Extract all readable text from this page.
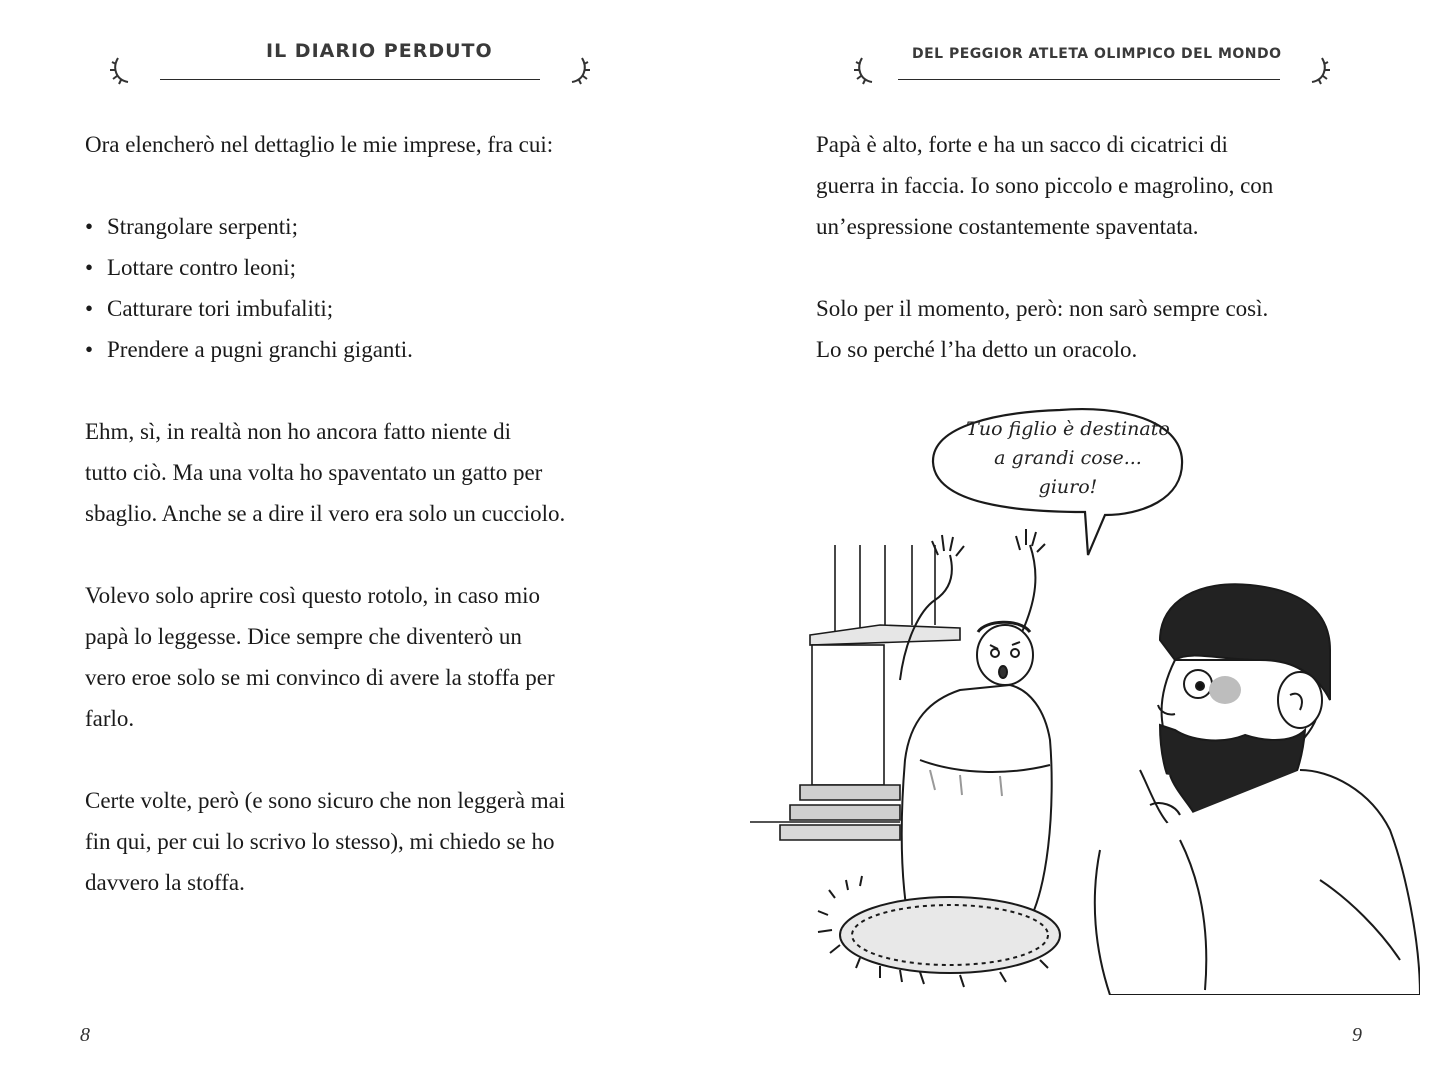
IL DIARIO PERDUTO

Ora elencherò nel dettaglio le mie imprese, fra cui:

• Strangolare serpenti;
• Lottare contro leoni;
• Catturare tori imbufaliti;
• Prendere a pugni granchi giganti.

Ehm, sì, in realtà non ho ancora fatto niente di

tutto ciò. Ma una volta ho spaventato un gatto per

sbaglio. Anche se a dire il vero era solo un cucciolo.

Volevo solo aprire così questo rotolo, in caso mio

papà lo leggesse. Dice sempre che diventerò un

vero eroe solo se mi convinco di avere la stoffa per

farlo.

Certe volte, però (e sono sicuro che non leggerà mai

fin qui, per cui lo scrivo lo stesso), mi chiedo se ho

davvero la stoffa.

8
DEL PEGGIOR ATLETA OLIMPICO DEL MONDO

Papà è alto, forte e ha un sacco di cicatrici di

guerra in faccia. Io sono piccolo e magrolino, con

un’espressione costantemente spaventata.

Solo per il momento, però: non sarò sempre così.

Lo so perché l’ha detto un oracolo.

9
Tuo figlio è destinato
a grandi cose...
giuro!
